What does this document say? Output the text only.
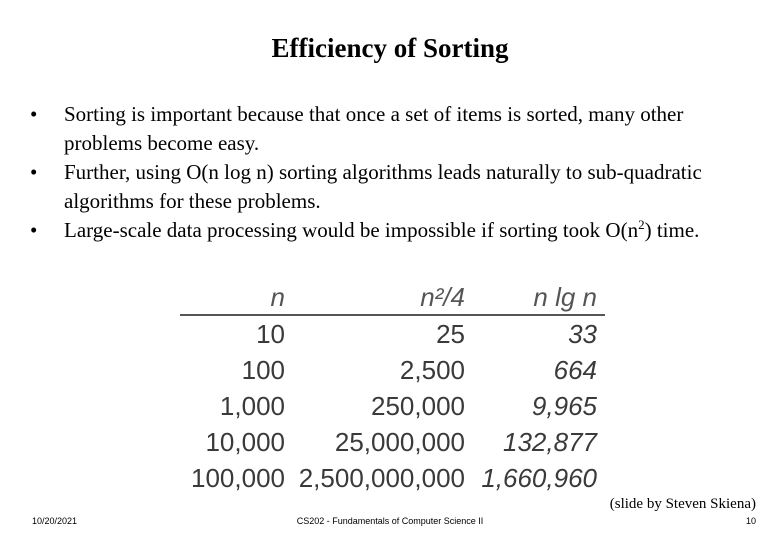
Efficiency of Sorting
• Sorting is important because that once a set of items is sorted, many other problems become easy.
• Further, using O(n log n) sorting algorithms leads naturally to sub-quadratic algorithms for these problems.
• Large-scale data processing would be impossible if sorting took $O(n^2)$ time.
n	n²/4	n lg n
10	25	33
100	2,500	664
1,000	250,000	9,965
10,000	25,000,000	132,877
100,000 2,500,000,000 1,660,960
(slide by Steven Skiena)
10/20/2021	CS202 - Fundamentals of Computer Science II	10
